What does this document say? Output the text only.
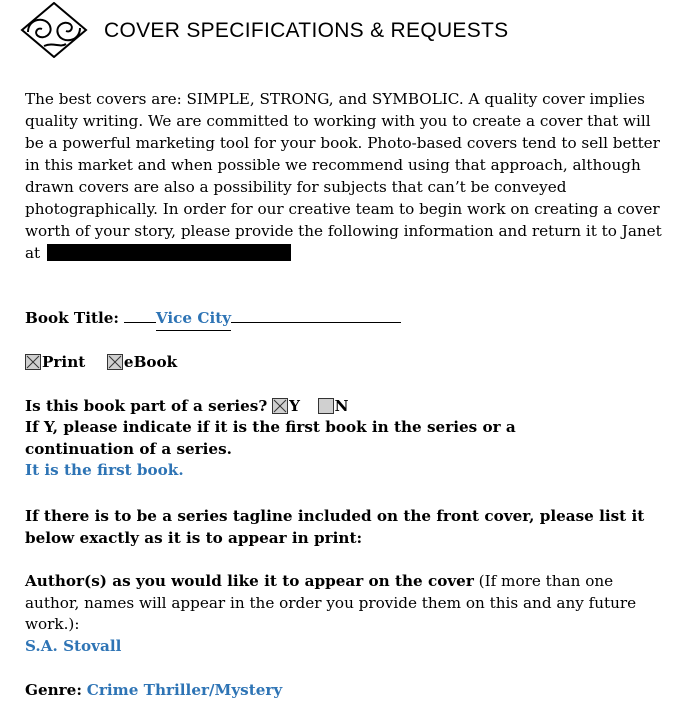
COVER SPECIFICATIONS & REQUESTS

The best covers are: SIMPLE, STRONG, and SYMBOLIC. A quality cover implies quality writing. We are committed to working with you to create a cover that will be a powerful marketing tool for your book. Photo-based covers tend to sell better in this market and when possible we recommend using that approach, although drawn covers are also a possibility for subjects that can’t be conveyed photographically. In order for our creative team to begin work on creating a cover worth of your story, please provide the following information and return it to Janet at

Book Title: Vice City
Print	eBook
Is this book part of a series? Y N
If Y, please indicate if it is the first book in the series or a continuation of a series.
It is the first book.
If there is to be a series tagline included on the front cover, please list it below exactly as it is to appear in print:
Author(s) as you would like it to appear on the cover (If more than one author, names will appear in the order you provide them on this and any future work.):
S.A. Stovall
Genre: Crime Thriller/Mystery
